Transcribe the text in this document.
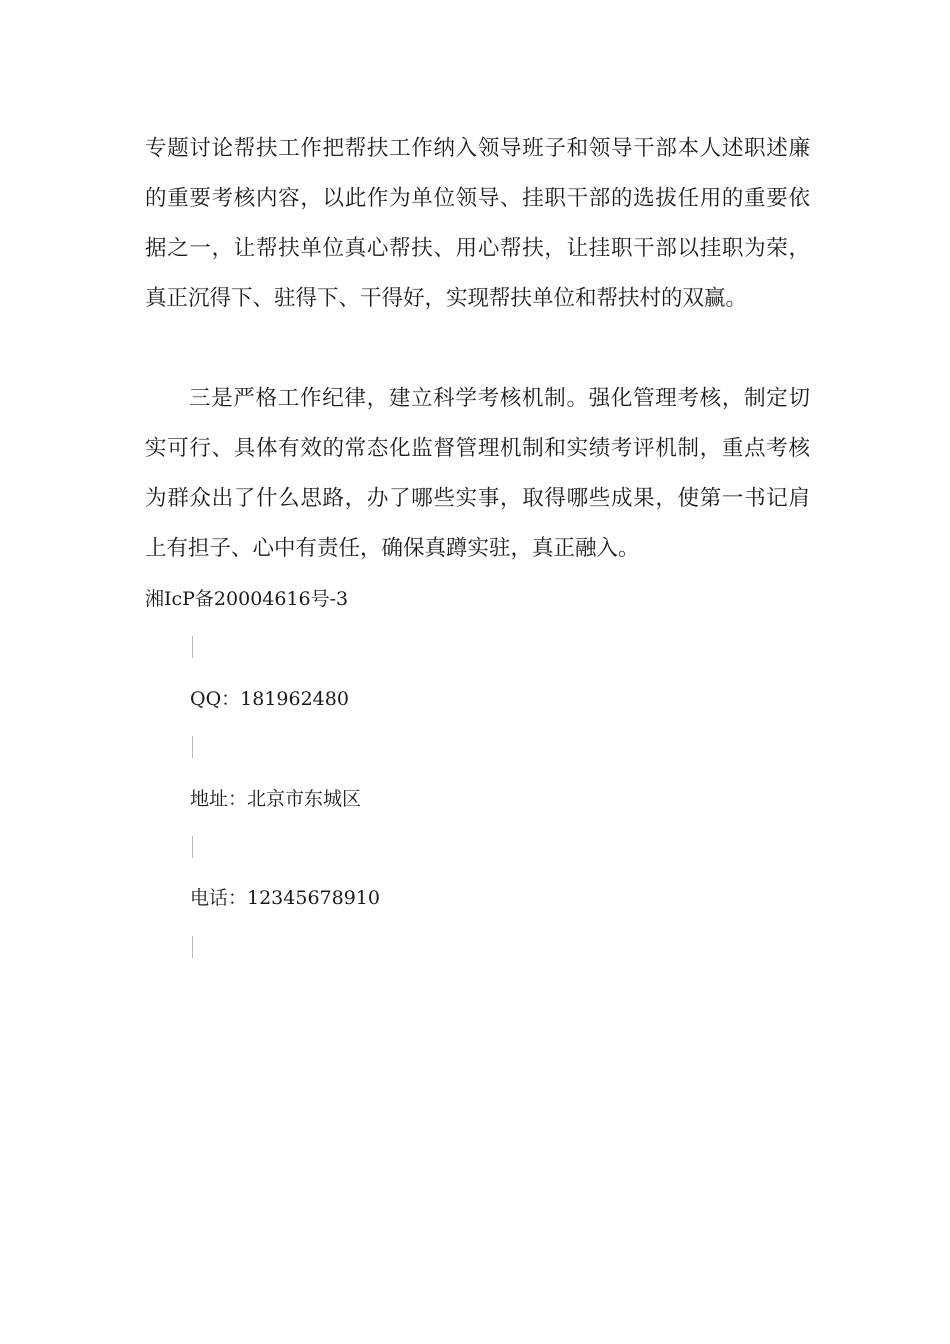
专题讨论帮扶工作把帮扶工作纳入领导班子和领导干部本人述职述廉的重要考核内容，以此作为单位领导、挂职干部的选拔任用的重要依据之一，让帮扶单位真心帮扶、用心帮扶，让挂职干部以挂职为荣，真正沉得下、驻得下、干得好，实现帮扶单位和帮扶村的双赢。

三是严格工作纪律，建立科学考核机制。强化管理考核，制定切实可行、具体有效的常态化监督管理机制和实绩考评机制，重点考核为群众出了什么思路，办了哪些实事，取得哪些成果，使第一书记肩上有担子、心中有责任，确保真蹲实驻，真正融入。

湘IcP备20004616号-3

QQ：181962480

地址：北京市东城区

电话：12345678910
